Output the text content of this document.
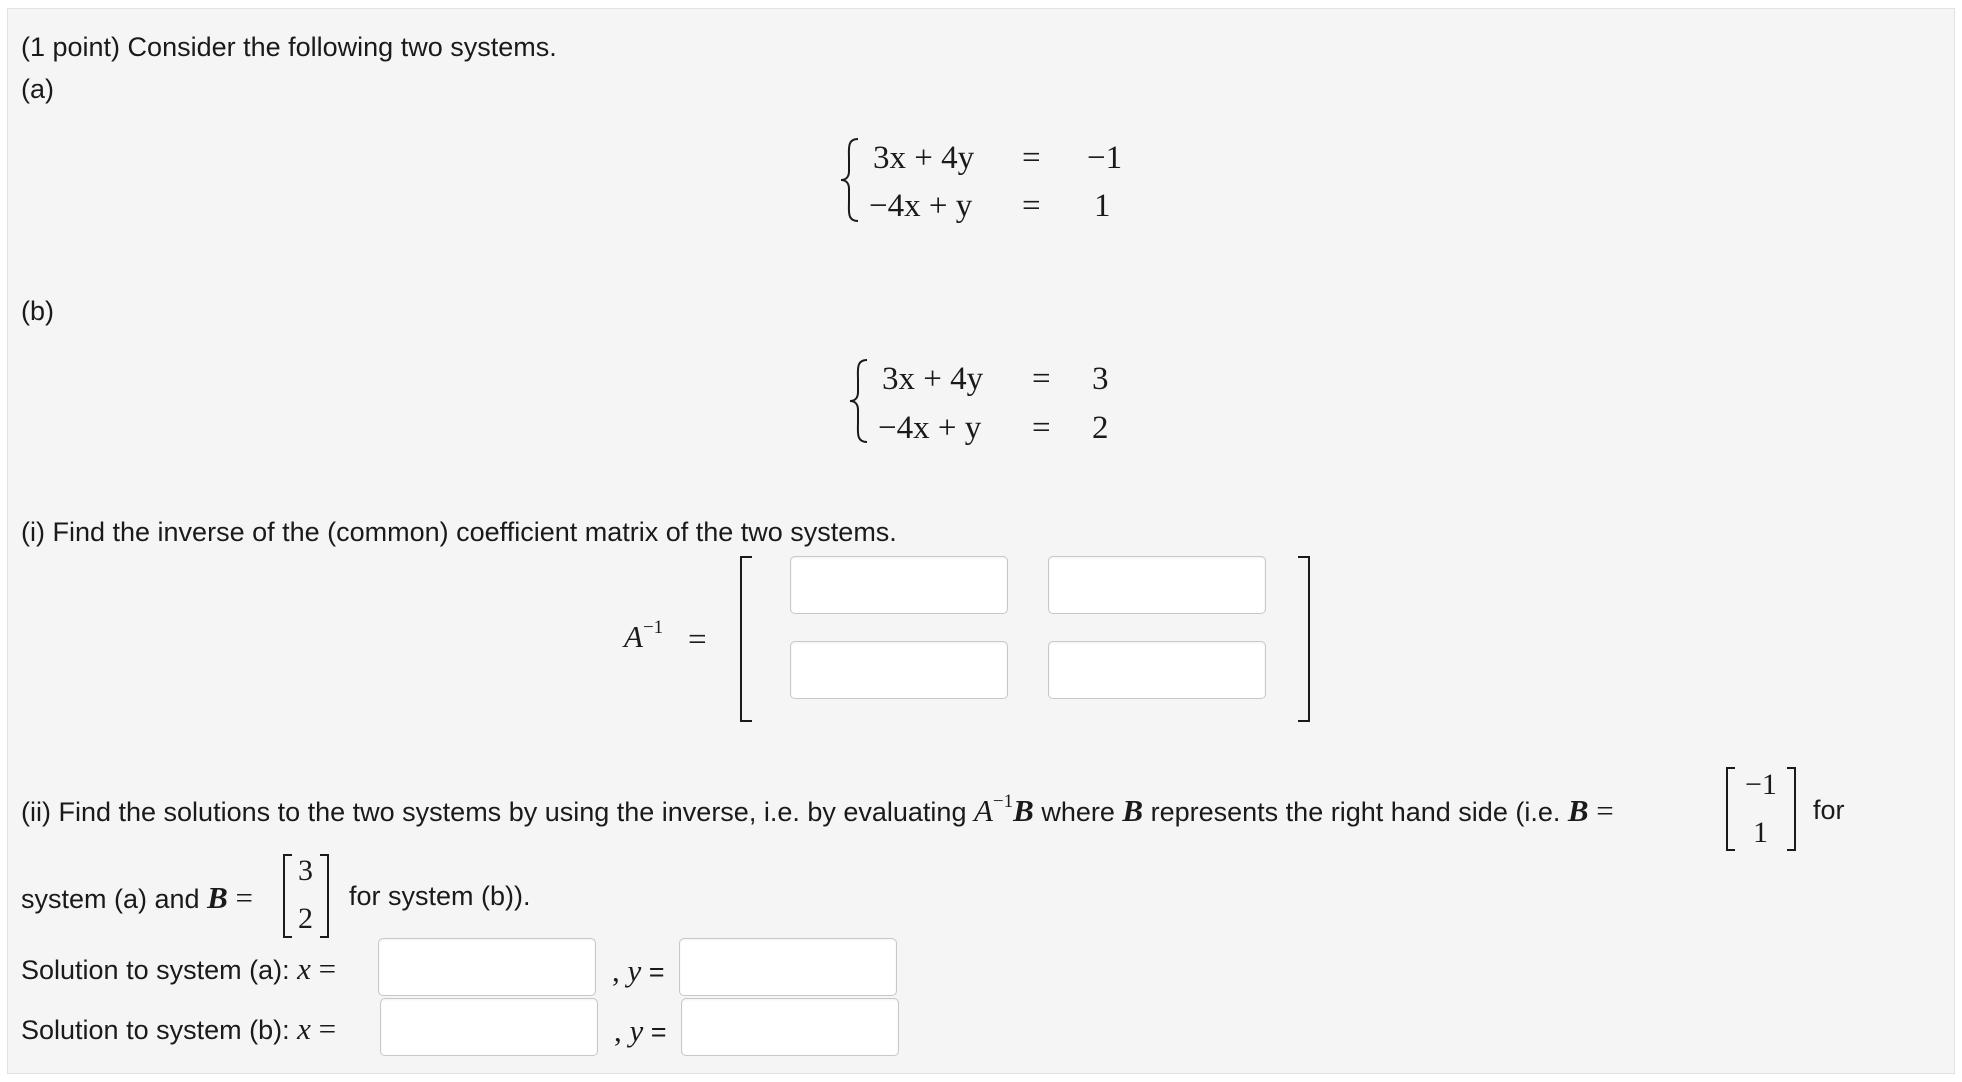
(1 point) Consider the following two systems.
(a)
3x + 4y = −1
−4x + y = 1
(b)
3x + 4y = 3
−4x + y = 2
(i) Find the inverse of the (common) coefficient matrix of the two systems.
$A^{-1}$ =
(ii) Find the solutions to the two systems by using the inverse, i.e. by evaluating $A^{-1}B$ where B represents the right hand side (i.e. B =
−1
1
for
system (a) and B =
3
2
for system (b)).
Solution to system (a): x =	, y =
Solution to system (b): x =	, y =
